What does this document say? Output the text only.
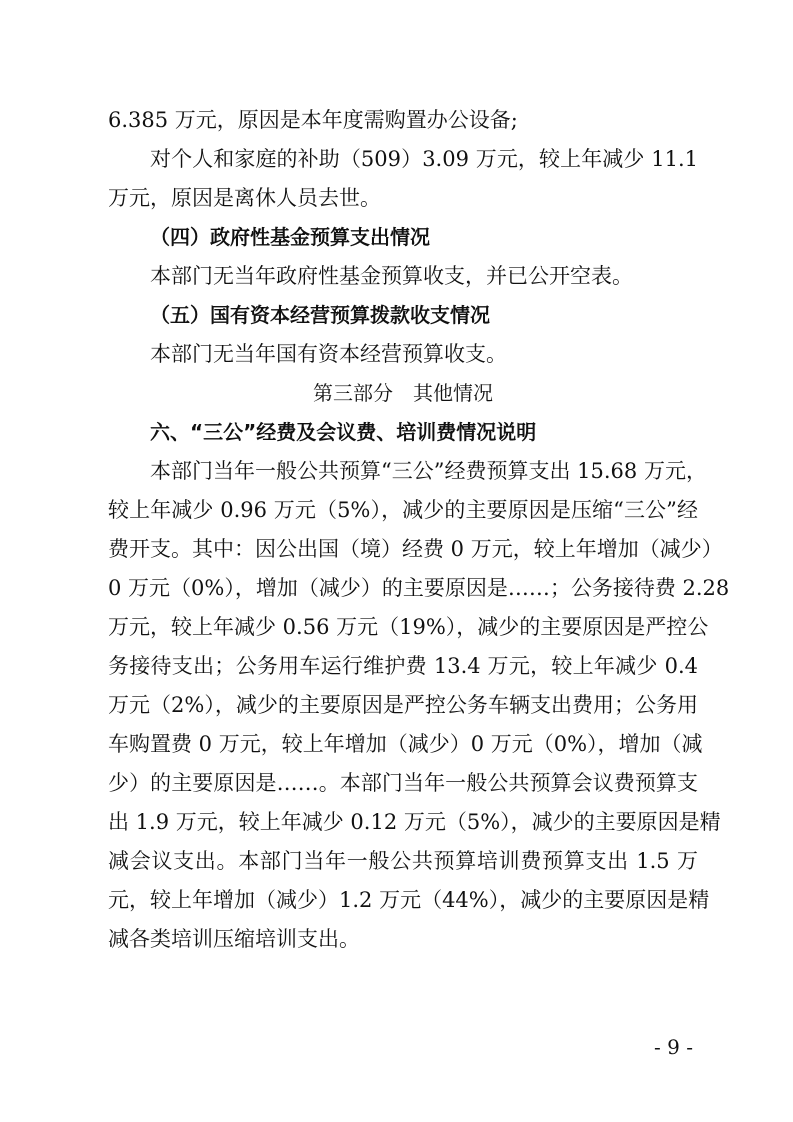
6.385 万元，原因是本年度需购置办公设备;
对个人和家庭的补助（509）3.09 万元，较上年减少 11.1
万元，原因是离休人员去世。
（四）政府性基金预算支出情况
本部门无当年政府性基金预算收支，并已公开空表。
（五）国有资本经营预算拨款收支情况
本部门无当年国有资本经营预算收支。
第三部分　其他情况
六、“三公”经费及会议费、培训费情况说明
本部门当年一般公共预算“三公”经费预算支出 15.68 万元，
较上年减少 0.96 万元（5%），减少的主要原因是压缩“三公”经
费开支。其中：因公出国（境）经费 0 万元，较上年增加（减少）
0 万元（0%），增加（减少）的主要原因是……；公务接待费 2.28
万元，较上年减少 0.56 万元（19%），减少的主要原因是严控公
务接待支出；公务用车运行维护费 13.4 万元，较上年减少 0.4
万元（2%），减少的主要原因是严控公务车辆支出费用；公务用
车购置费 0 万元，较上年增加（减少）0 万元（0%），增加（减
少）的主要原因是……。本部门当年一般公共预算会议费预算支
出 1.9 万元，较上年减少 0.12 万元（5%），减少的主要原因是精
减会议支出。本部门当年一般公共预算培训费预算支出 1.5 万
元，较上年增加（减少）1.2 万元（44%），减少的主要原因是精
减各类培训压缩培训支出。
- 9 -
